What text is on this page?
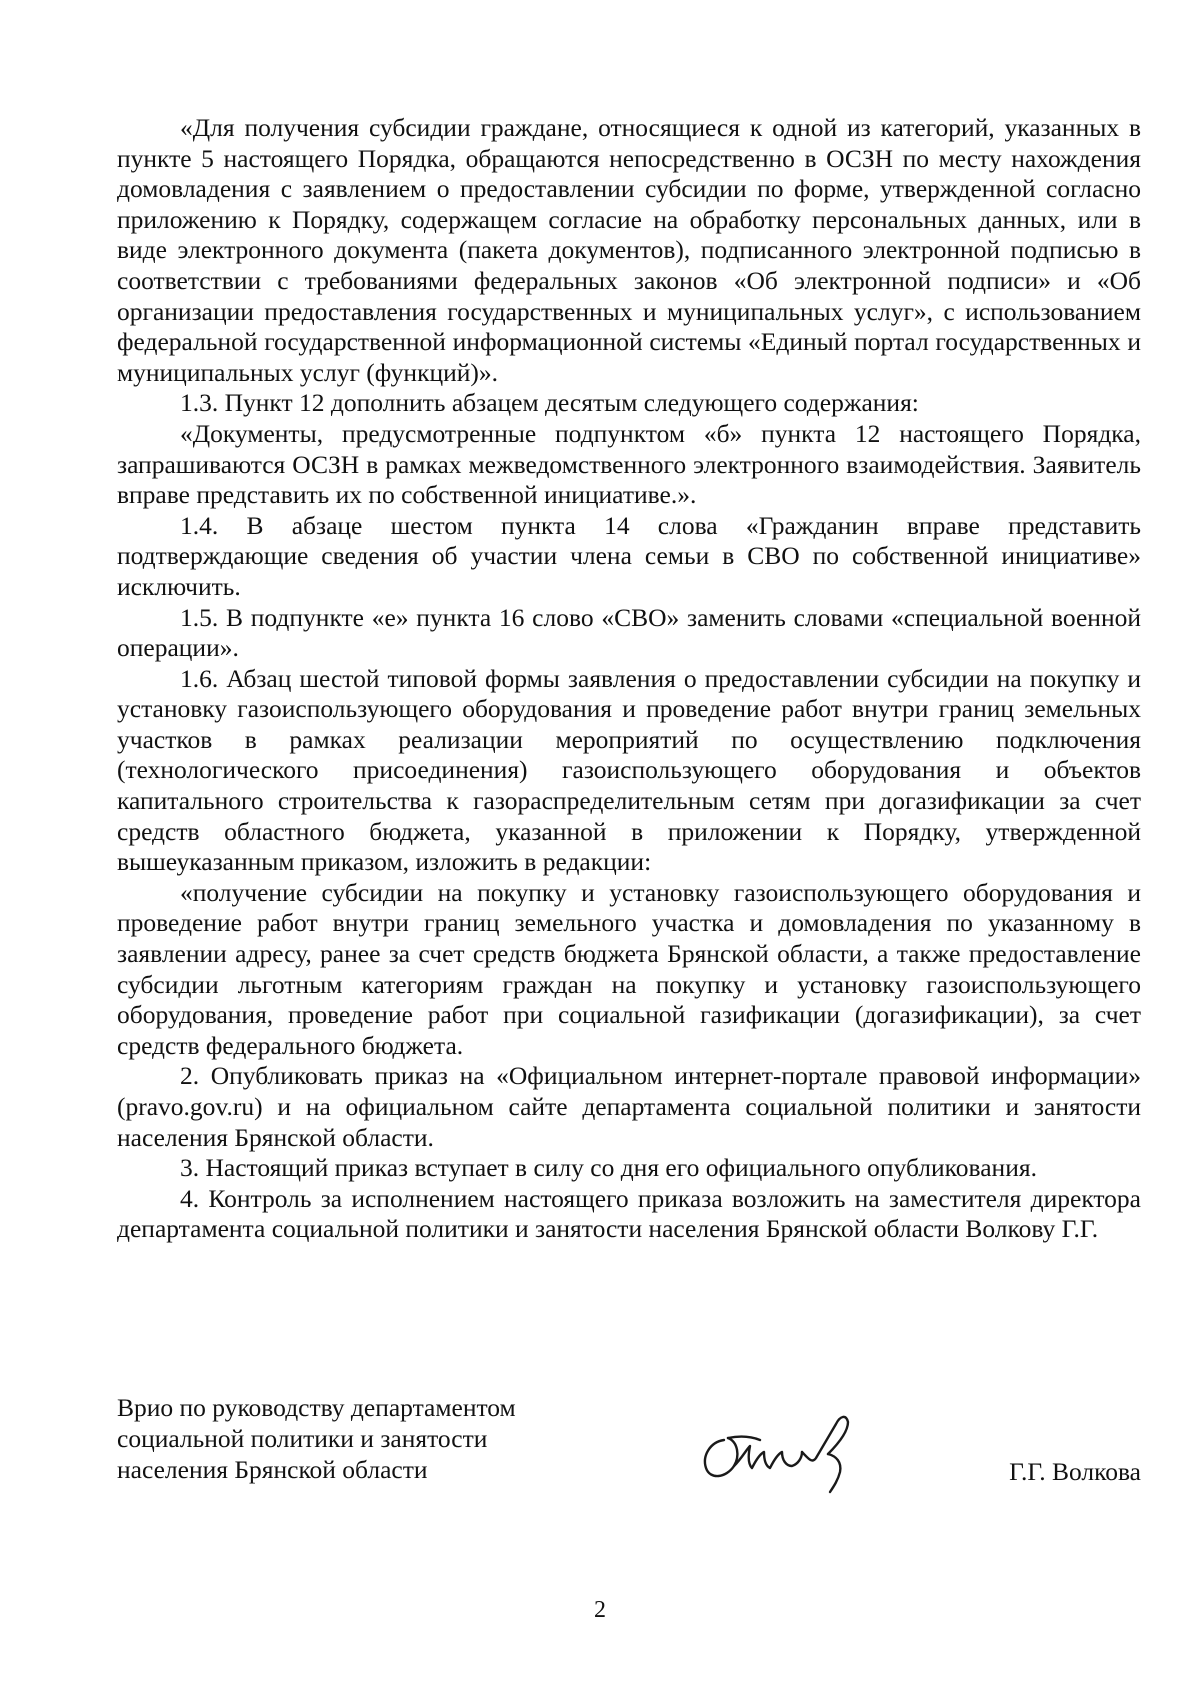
«Для получения субсидии граждане, относящиеся к одной из категорий, указанных в пункте 5 настоящего Порядка, обращаются непосредственно в ОСЗН по месту нахождения домовладения с заявлением о предоставлении субсидии по форме, утвержденной согласно приложению к Порядку, содержащем согласие на обработку персональных данных, или в виде электронного документа (пакета документов), подписанного электронной подписью в соответствии с требованиями федеральных законов «Об электронной подписи» и «Об организации предоставления государственных и муниципальных услуг», с использованием федеральной государственной информационной системы «Единый портал государственных и муниципальных услуг (функций)».

1.3. Пункт 12 дополнить абзацем десятым следующего содержания:

«Документы, предусмотренные подпунктом «б» пункта 12 настоящего Порядка, запрашиваются ОСЗН в рамках межведомственного электронного взаимодействия. Заявитель вправе представить их по собственной инициативе.».

1.4. В абзаце шестом пункта 14 слова «Гражданин вправе представить подтверждающие сведения об участии члена семьи в СВО по собственной инициативе» исключить.

1.5. В подпункте «е» пункта 16 слово «СВО» заменить словами «специальной военной операции».

1.6. Абзац шестой типовой формы заявления о предоставлении субсидии на покупку и установку газоиспользующего оборудования и проведение работ внутри границ земельных участков в рамках реализации мероприятий по осуществлению подключения (технологического присоединения) газоиспользующего оборудования и объектов капитального строительства к газораспределительным сетям при догазификации за счет средств областного бюджета, указанной в приложении к Порядку, утвержденной вышеуказанным приказом, изложить в редакции:

«получение субсидии на покупку и установку газоиспользующего оборудования и проведение работ внутри границ земельного участка и домовладения по указанному в заявлении адресу, ранее за счет средств бюджета Брянской области, а также предоставление субсидии льготным категориям граждан на покупку и установку газоиспользующего оборудования, проведение работ при социальной газификации (догазификации), за счет средств федерального бюджета.

2. Опубликовать приказ на «Официальном интернет-портале правовой информации» (pravo.gov.ru) и на официальном сайте департамента социальной политики и занятости населения Брянской области.

3. Настоящий приказ вступает в силу со дня его официального опубликования.

4. Контроль за исполнением настоящего приказа возложить на заместителя директора департамента социальной политики и занятости населения Брянской области Волкову Г.Г.

Врио по руководству департаментом
социальной политики и занятости
населения Брянской области	Г.Г. Волкова
2
